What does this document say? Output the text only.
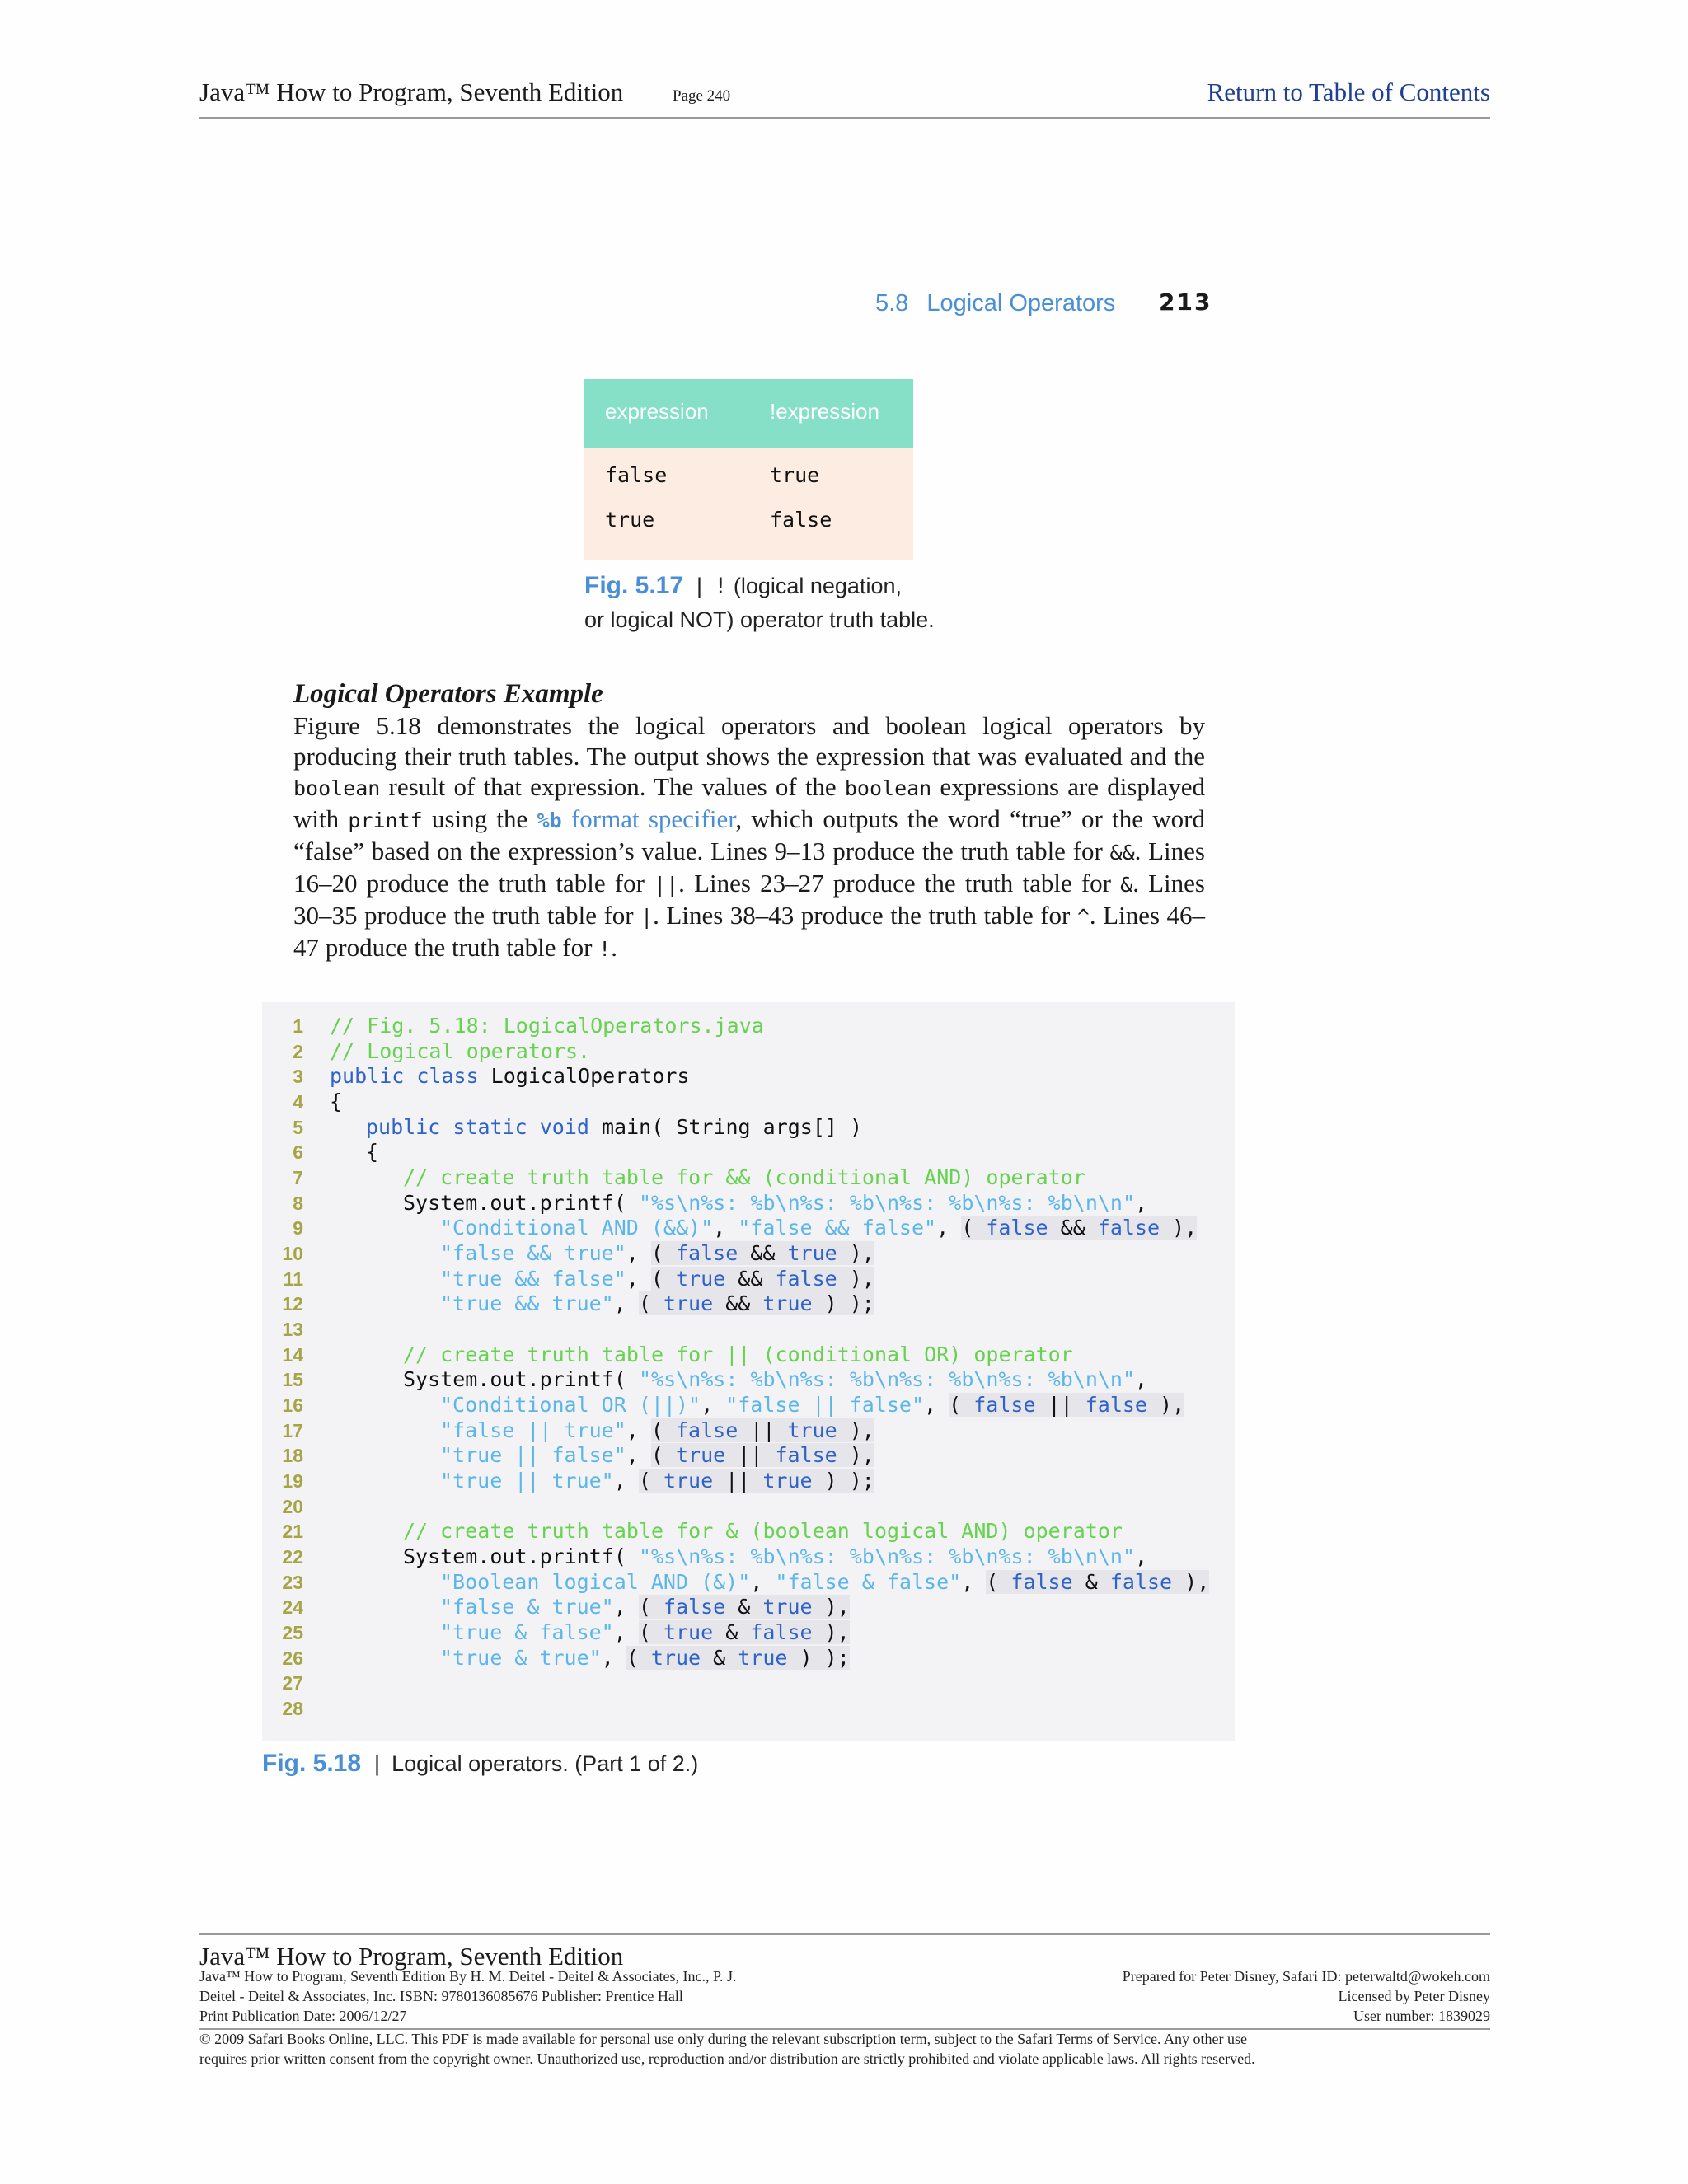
Java™ How to Program, Seventh Edition	Page 240	Return to Table of Contents
5.8 Logical Operators 213
expression	!expression
false	true
true	false
Fig. 5.17 | ! (logical negation,
or logical NOT) operator truth table.
Logical Operators Example
Figure 5.18 demonstrates the logical operators and boolean logical operators by producing their truth tables. The output shows the expression that was evaluated and the boolean result of that expression. The values of the boolean expressions are displayed with printf using the %b format specifier, which outputs the word “true” or the word “false” based on the expression’s value. Lines 9–13 produce the truth table for &&. Lines 16–20 produce the truth table for ||. Lines 23–27 produce the truth table for &. Lines 30–35 produce the truth table for |. Lines 38–43 produce the truth table for ^. Lines 46–47 produce the truth table for !.
1
2
3
4
5
6
7
8
9
10
11
12
13
14
15
16
17
18
19
20
21
22
23
24
25
26
27
28
// Fig. 5.18: LogicalOperators.java
// Logical operators.
public class LogicalOperators
{
public static void main( String args[] )
{
// create truth table for && (conditional AND) operator
System.out.printf( "%s\n%s: %b\n%s: %b\n%s: %b\n%s: %b\n\n",
"Conditional AND (&&)", "false && false", ( false && false ),
"false && true", ( false && true ),
"true && false", ( true && false ),
"true && true", ( true && true ) );
// create truth table for || (conditional OR) operator
System.out.printf( "%s\n%s: %b\n%s: %b\n%s: %b\n%s: %b\n\n",
"Conditional OR (||)", "false || false", ( false || false ),
"false || true", ( false || true ),
"true || false", ( true || false ),
"true || true", ( true || true ) );
// create truth table for & (boolean logical AND) operator
System.out.printf( "%s\n%s: %b\n%s: %b\n%s: %b\n%s: %b\n\n",
"Boolean logical AND (&)", "false & false", ( false & false ),
"false & true", ( false & true ),
"true & false", ( true & false ),
"true & true", ( true & true ) );
Fig. 5.18 | Logical operators. (Part 1 of 2.)
Java™ How to Program, Seventh Edition
Java™ How to Program, Seventh Edition By H. M. Deitel - Deitel & Associates, Inc., P. J.
Deitel - Deitel & Associates, Inc. ISBN: 9780136085676 Publisher: Prentice Hall
Print Publication Date: 2006/12/27
Prepared for Peter Disney, Safari ID: peterwaltd@wokeh.com
Licensed by Peter Disney
User number: 1839029
© 2009 Safari Books Online, LLC. This PDF is made available for personal use only during the relevant subscription term, subject to the Safari Terms of Service. Any other use
requires prior written consent from the copyright owner. Unauthorized use, reproduction and/or distribution are strictly prohibited and violate applicable laws. All rights reserved.
